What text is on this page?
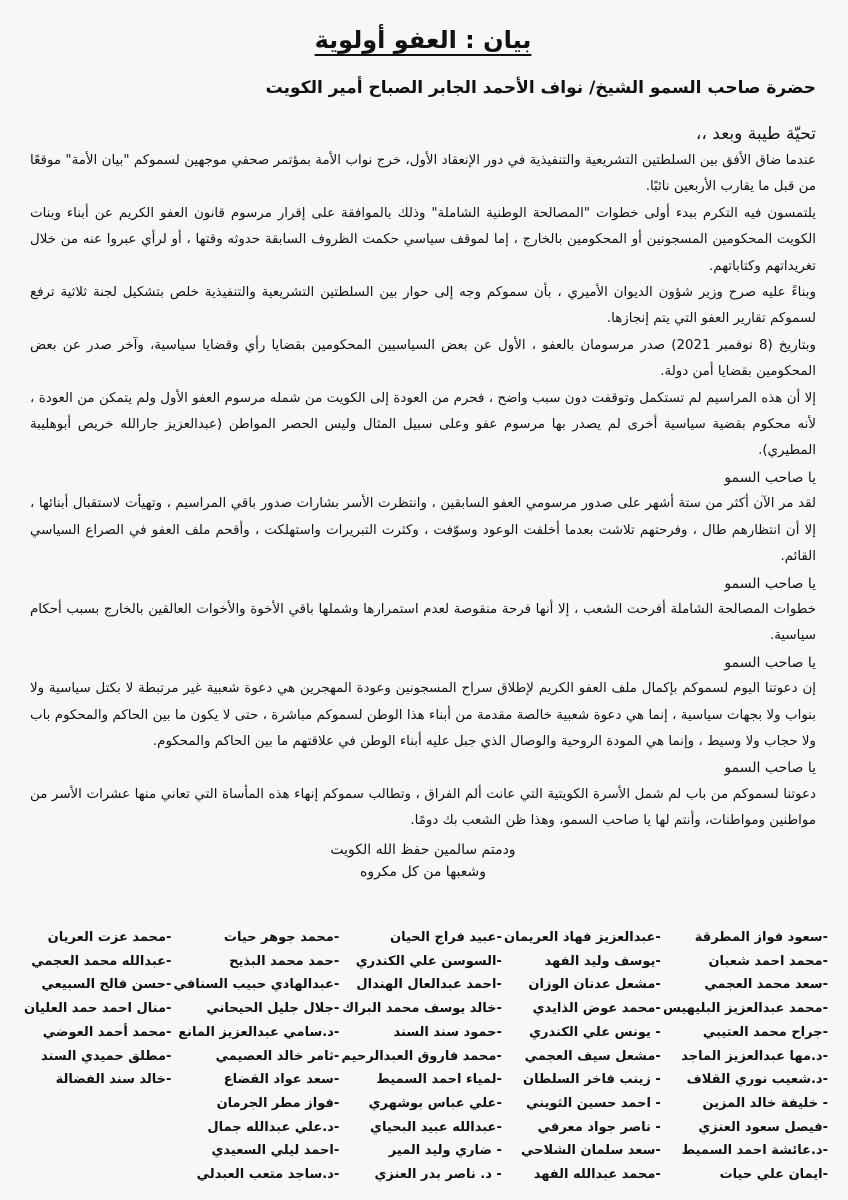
بيان : العفو أولوية
حضرة صاحب السمو الشيخ/ نواف الأحمد الجابر الصباح أمير الكويت
تحيّة طيبة وبعد ،،

عندما ضاق الأفق بين السلطتين التشريعية والتنفيذية في دور الإنعقاد الأول، خرج نواب الأمة بمؤتمر صحفي موجهين لسموكم "بيان الأمة" موقعًا من قبل ما يقارب الأربعين نائبًا.

يلتمسون فيه التكرم ببدء أولى خطوات "المصالحة الوطنية الشاملة" وذلك بالموافقة على إقرار مرسوم قانون العفو الكريم عن أبناء وبنات الكويت المحكومين المسجونين أو المحكومين بالخارج ، إما لموقف سياسي حكمت الظروف السابقة حدوثه وقتها ، أو لرأي عبروا عنه من خلال تغريداتهم وكتاباتهم.

وبناءً عليه صرح وزير شؤون الديوان الأميري ، بأن سموكم وجه إلى حوار بين السلطتين التشريعية والتنفيذية خلص بتشكيل لجنة ثلاثية ترفع لسموكم تقارير العفو التي يتم إنجازها.

وبتاريخ (8 نوفمبر 2021) صدر مرسومان بالعفو ، الأول عن بعض السياسيين المحكومين بقضايا رأي وقضايا سياسية، وآخر صدر عن بعض المحكومين بقضايا أمن دولة.

إلا أن هذه المراسيم لم تستكمل وتوقفت دون سبب واضح ، فحرم من العودة إلى الكويت من شمله مرسوم العفو الأول ولم يتمكن من العودة ، لأنه محكوم بقضية سياسية أخرى لم يصدر بها مرسوم عفو وعلى سبيل المثال وليس الحصر المواطن (عبدالعزيز جارالله خريص أبوهليبة المطيري).

يا صاحب السمو

لقد مر الآن أكثر من ستة أشهر على صدور مرسومي العفو السابقين ، وانتظرت الأسر بشارات صدور باقي المراسيم ، وتهيأت لاستقبال أبنائها ، إلا أن انتظارهم طال ، وفرحتهم تلاشت بعدما أخلفت الوعود وسوّفت ، وكثرت التبريرات واستهلكت ، وأقحم ملف العفو في الصراع السياسي القائم.

يا صاحب السمو

خطوات المصالحة الشاملة أفرحت الشعب ، إلا أنها فرحة منقوصة لعدم استمرارها وشملها باقي الأخوة والأخوات العالقين بالخارج بسبب أحكام سياسية.

يا صاحب السمو

إن دعوتنا اليوم لسموكم بإكمال ملف العفو الكريم لإطلاق سراح المسجونين وعودة المهجرين هي دعوة شعبية غير مرتبطة لا بكتل سياسية ولا بنواب ولا بجهات سياسية ، إنما هي دعوة شعبية خالصة مقدمة من أبناء هذا الوطن لسموكم مباشرة ، حتى لا يكون ما بين الحاكم والمحكوم باب ولا حجاب ولا وسيط ، وإنما هي المودة الروحية والوصال الذي جبل عليه أبناء الوطن في علاقتهم ما بين الحاكم والمحكوم.

يا صاحب السمو

دعوتنا لسموكم من باب لم شمل الأسرة الكويتية التي عانت ألم الفراق ، وتطالب سموكم إنهاء هذه المأساة التي تعاني منها عشرات الأسر من مواطنين ومواطنات، وأنتم لها يا صاحب السمو، وهذا ظن الشعب بك دومًا.

ودمتم سالمين حفظ الله الكويت
وشعبها من كل مكروه
-سعود فواز المطرقة
-محمد احمد شعبان
-سعد محمد العجمي
-محمد عبدالعزيز البليهيس
-جراح محمد العتيبي
-د.مها عبدالعزيز الماجد
-د.شعيب نوري القلاف
- خليفة خالد المزين
-فيصل سعود العنزي
-د.عائشة احمد السميط
-ايمان علي حيات
-عبدالعزيز فهاد العريمان
-يوسف وليد الفهد
-مشعل عدنان الوزان
-محمد عوض الذايدي
- يونس علي الكندري
-مشعل سيف العجمي
- زينب فاخر السلطان
- احمد حسين الثويني
- ناصر جواد معرفي
-سعد سلمان الشلاحي
-محمد عبدالله الفهد
-عبيد فراج الحيان
-السوسن علي الكندري
-احمد عبدالعال الهندال
-خالد يوسف محمد البراك
-حمود سند السند
-محمد فاروق العبدالرحيم
-لمياء احمد السميط
-علي عباس بوشهري
-عبدالله عبيد البحياي
- ضاري وليد المير
- د. ناصر بدر العنزي
-محمد جوهر حيات
-حمد محمد البذيح
-عبدالهادي حبيب السنافي
-جلال جليل الحيحاني
-د.سامي عبدالعزيز المانع
-ثامر خالد العصيمي
-سعد عواد القضاع
-فواز مطر الجرمان
-د.علي عبدالله جمال
-احمد ليلي السعيدي
-د.ساجد متعب العبدلي
-محمد عزت العريان
-عبدالله محمد العجمي
-حسن فالح السبيعي
-منال احمد حمد العليان
-محمد أحمد العوضي
-مطلق حميدي السند
-خالد سند الفضالة
